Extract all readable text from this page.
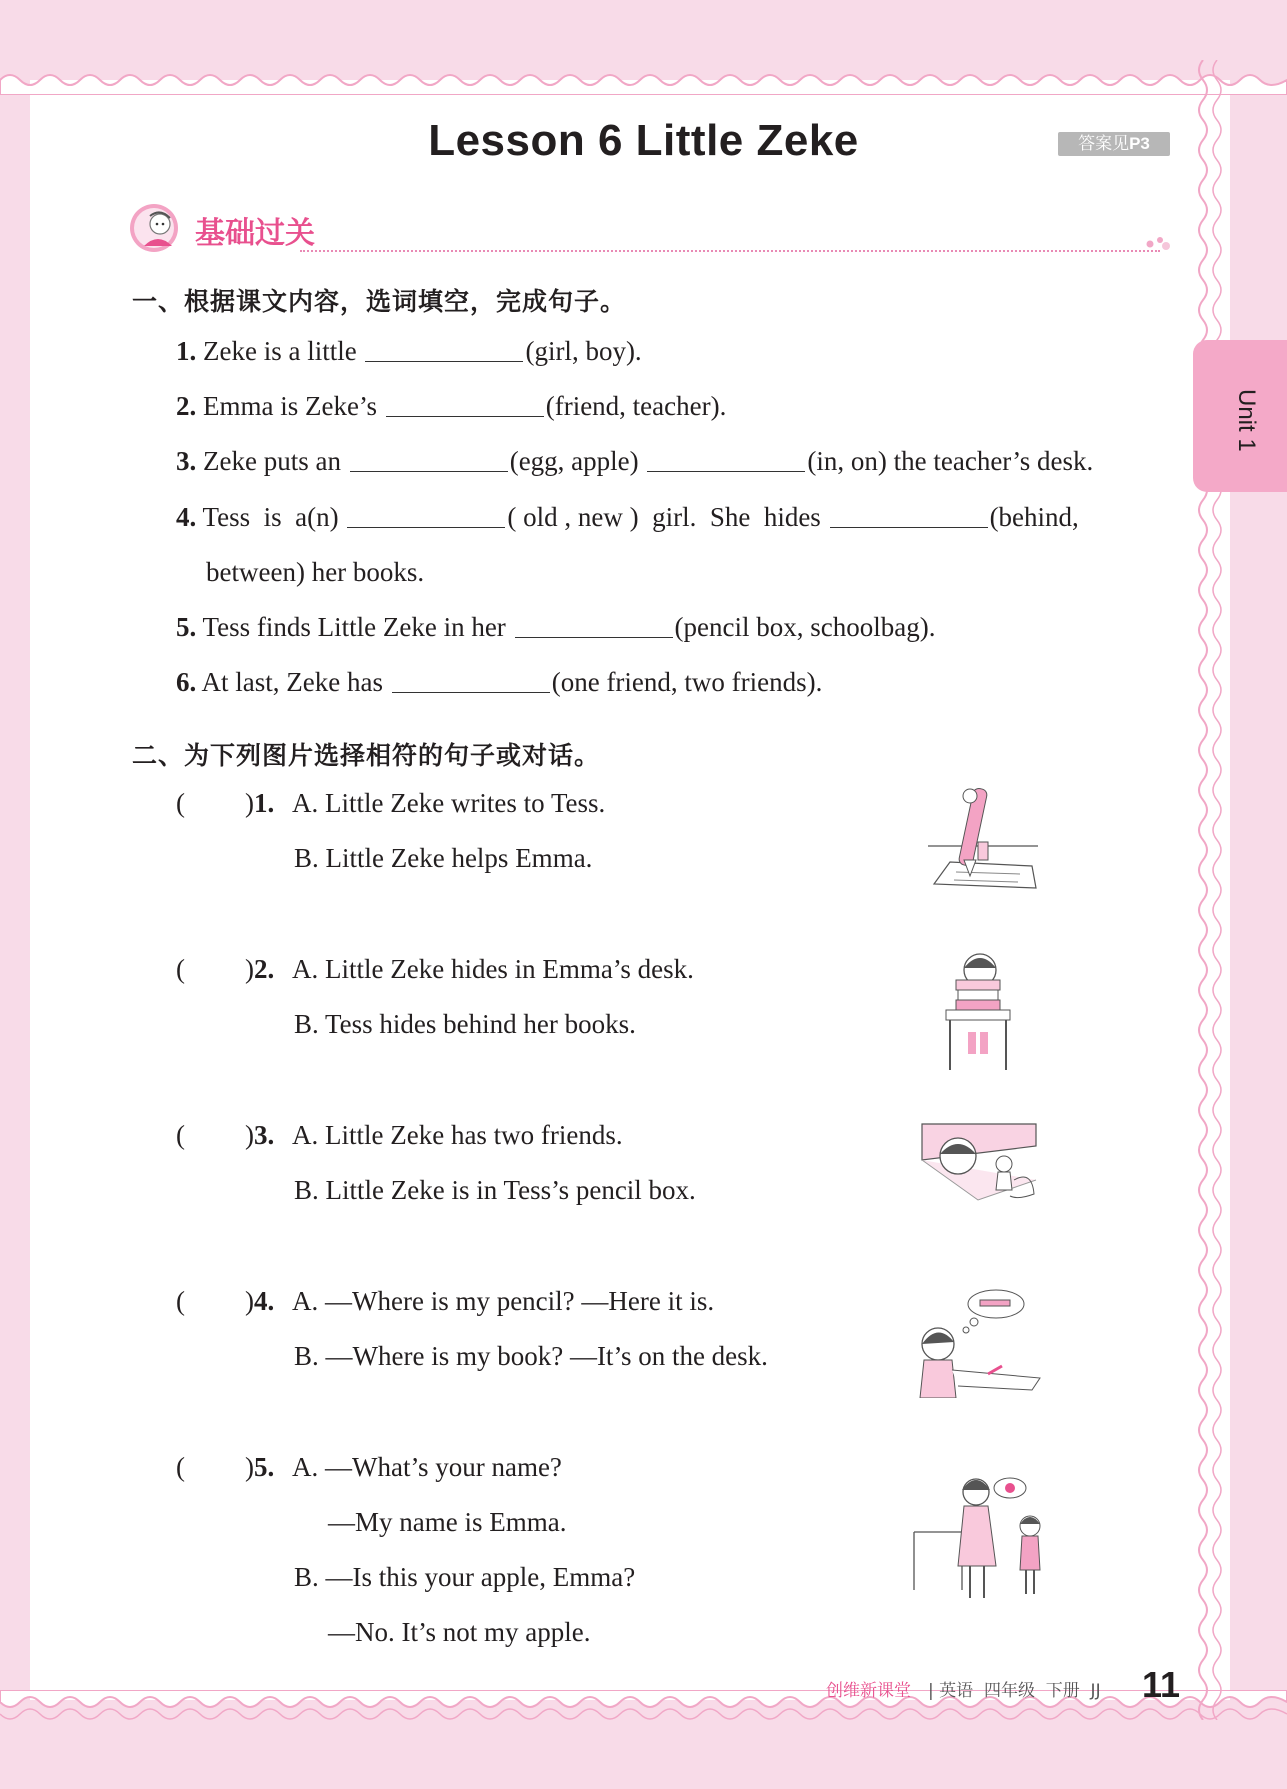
Unit 1
Lesson 6 Little Zeke	答案见P3
基础过关
一、根据课文内容，选词填空，完成句子。
1. Zeke is a little	(girl, boy).
2. Emma is Zeke’s	(friend, teacher).
3. Zeke puts an	(egg, apple)	(in, on) the teacher’s desk.
4. Tess  is  a(n)	( old , new )  girl.  She  hides	(behind,
between) her books.
5. Tess finds Little Zeke in her	(pencil box, schoolbag).
6. At last, Zeke has	(one friend, two friends).
二、为下列图片选择相符的句子或对话。
( )1. A. Little Zeke writes to Tess.
B. Little Zeke helps Emma.
( )2. A. Little Zeke hides in Emma’s desk.
B. Tess hides behind her books.
( )3. A. Little Zeke has two friends.
B. Little Zeke is in Tess’s pencil box.
( )4. A. —Where is my pencil? —Here it is.
B. —Where is my book? —It’s on the desk.
( )5. A. —What’s your name?
—My name is Emma.
B. —Is this your apple, Emma?
—No. It’s not my apple.
创维新课堂 | 英语  四年级  下册  JJ 11
